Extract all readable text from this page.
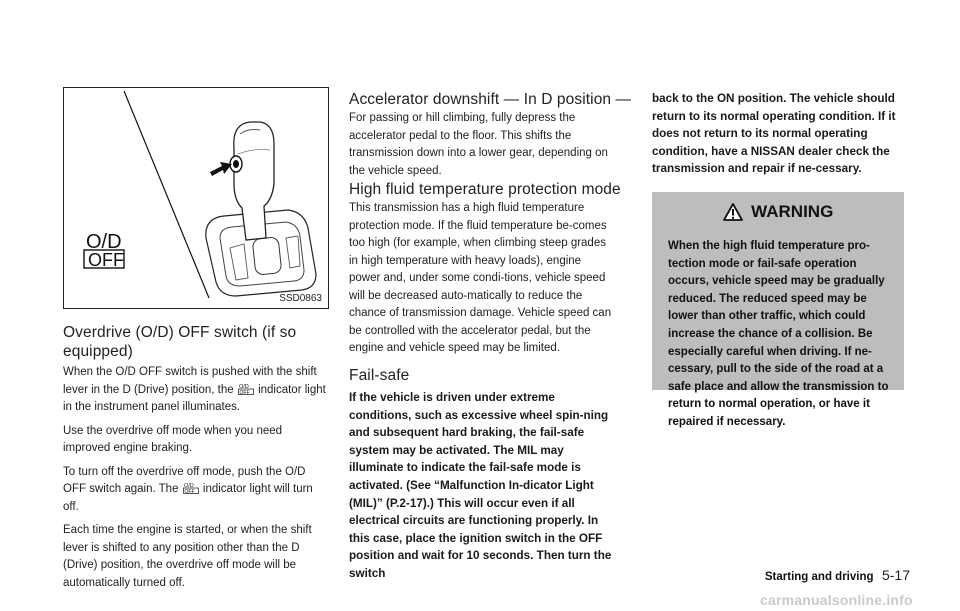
O/D
OFF
SSD0863
Overdrive (O/D) OFF switch (if so equipped)

When the O/D OFF switch is pushed with the shift lever in the D (Drive) position, the O/D
OFF indicator light in the instrument panel illuminates.

Use the overdrive off mode when you need improved engine braking.

To turn off the overdrive off mode, push the O/D OFF switch again. The O/D
OFF indicator light will turn off.

Each time the engine is started, or when the shift lever is shifted to any position other than the D (Drive) position, the overdrive off mode will be automatically turned off.

Accelerator downshift — In D position —

For passing or hill climbing, fully depress the accelerator pedal to the floor. This shifts the transmission down into a lower gear, depending on the vehicle speed.

High fluid temperature protection mode

This transmission has a high fluid temperature protection mode. If the fluid temperature be-comes too high (for example, when climbing steep grades in high temperature with heavy loads), engine power and, under some condi-tions, vehicle speed will be decreased auto-matically to reduce the chance of transmission damage. Vehicle speed can be controlled with the accelerator pedal, but the engine and vehicle speed may be limited.

Fail-safe

If the vehicle is driven under extreme conditions, such as excessive wheel spin-ning and subsequent hard braking, the fail-safe system may be activated. The MIL may illuminate to indicate the fail-safe mode is activated. (See “Malfunction In-dicator Light (MIL)” (P.2-17).) This will occur even if all electrical circuits are functioning properly. In this case, place the ignition switch in the OFF position and wait for 10 seconds. Then turn the switch

back to the ON position. The vehicle should return to its normal operating condition. If it does not return to its normal operating condition, have a NISSAN dealer check the transmission and repair if ne-cessary.

WARNING

When the high fluid temperature pro-tection mode or fail-safe operation occurs, vehicle speed may be gradually reduced. The reduced speed may be lower than other traffic, which could increase the chance of a collision. Be especially careful when driving. If ne-cessary, pull to the side of the road at a safe place and allow the transmission to return to normal operation, or have it repaired if necessary.

Starting and driving 5-17
carmanualsonline.info
